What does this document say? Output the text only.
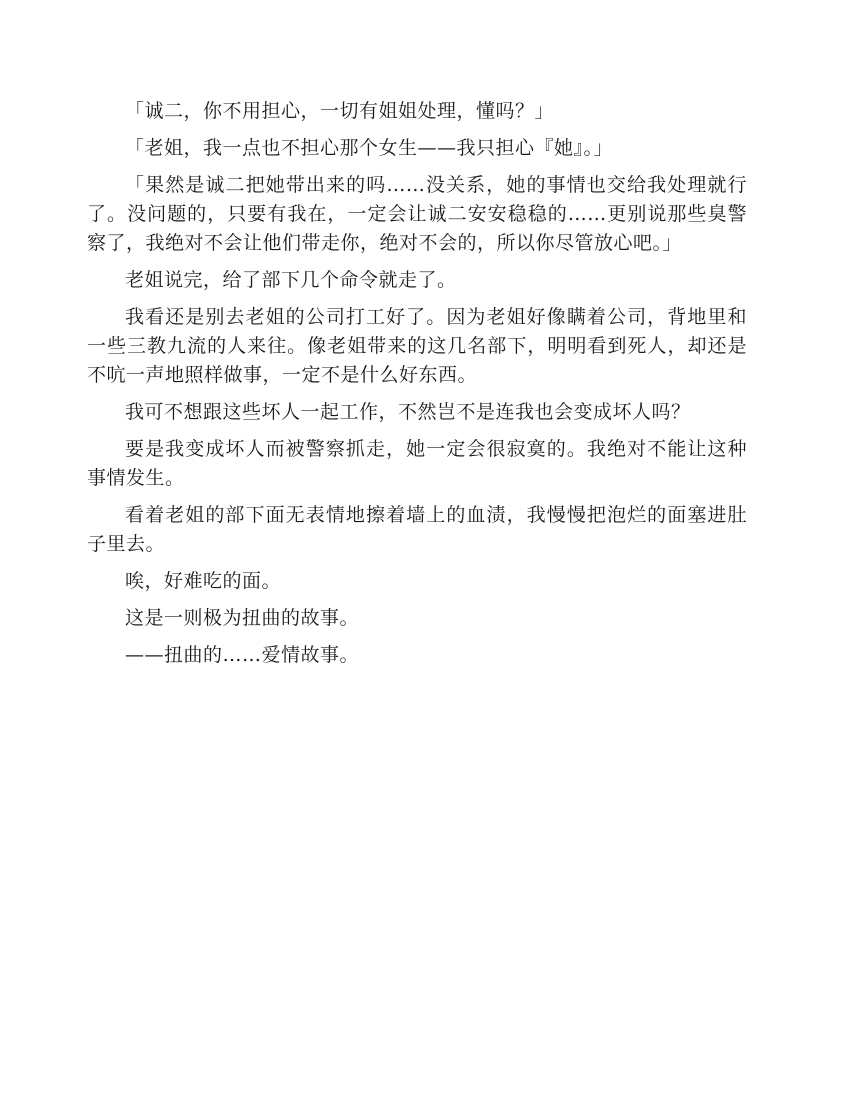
「诚二，你不用担心，一切有姐姐处理，懂吗？」

「老姐，我一点也不担心那个女生——我只担心『她』。」

「果然是诚二把她带出来的吗……没关系，她的事情也交给我处理就行了。没问题的，只要有我在，一定会让诚二安安稳稳的……更别说那些臭警察了，我绝对不会让他们带走你，绝对不会的，所以你尽管放心吧。」

老姐说完，给了部下几个命令就走了。

我看还是别去老姐的公司打工好了。因为老姐好像瞒着公司，背地里和一些三教九流的人来往。像老姐带来的这几名部下，明明看到死人，却还是不吭一声地照样做事，一定不是什么好东西。

我可不想跟这些坏人一起工作，不然岂不是连我也会变成坏人吗？

要是我变成坏人而被警察抓走，她一定会很寂寞的。我绝对不能让这种事情发生。

看着老姐的部下面无表情地擦着墙上的血渍，我慢慢把泡烂的面塞进肚子里去。

唉，好难吃的面。

这是一则极为扭曲的故事。

——扭曲的……爱情故事。
